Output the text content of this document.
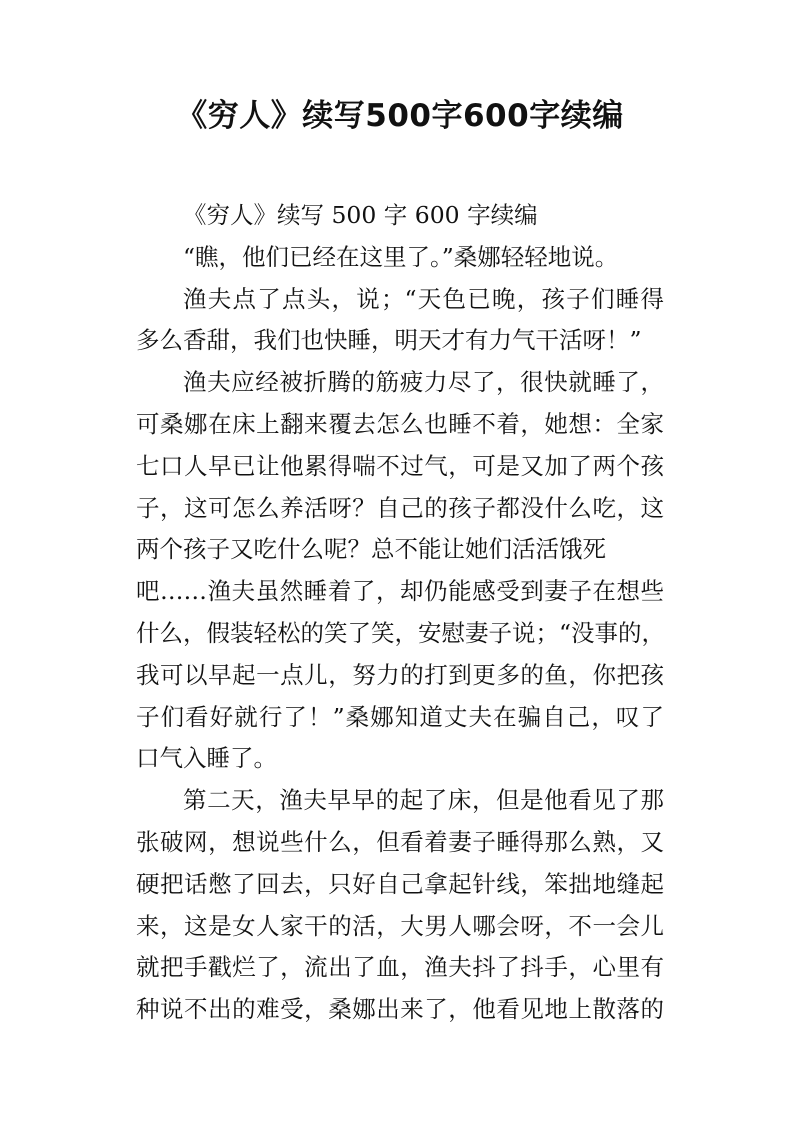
《穷人》续写500字600字续编
《穷人》续写 500 字 600 字续编
“瞧，他们已经在这里了。”桑娜轻轻地说。
渔夫点了点头，说；“天色已晚，孩子们睡得
多么香甜，我们也快睡，明天才有力气干活呀！”
渔夫应经被折腾的筋疲力尽了，很快就睡了，
可桑娜在床上翻来覆去怎么也睡不着，她想：全家
七口人早已让他累得喘不过气，可是又加了两个孩
子，这可怎么养活呀？自己的孩子都没什么吃，这
两个孩子又吃什么呢？总不能让她们活活饿死
吧……渔夫虽然睡着了，却仍能感受到妻子在想些
什么，假装轻松的笑了笑，安慰妻子说；“没事的，
我可以早起一点儿，努力的打到更多的鱼，你把孩
子们看好就行了！”桑娜知道丈夫在骗自己，叹了
口气入睡了。
第二天，渔夫早早的起了床，但是他看见了那
张破网，想说些什么，但看着妻子睡得那么熟，又
硬把话憋了回去，只好自己拿起针线，笨拙地缝起
来，这是女人家干的活，大男人哪会呀，不一会儿
就把手戳烂了，流出了血，渔夫抖了抖手，心里有
种说不出的难受，桑娜出来了，他看见地上散落的
